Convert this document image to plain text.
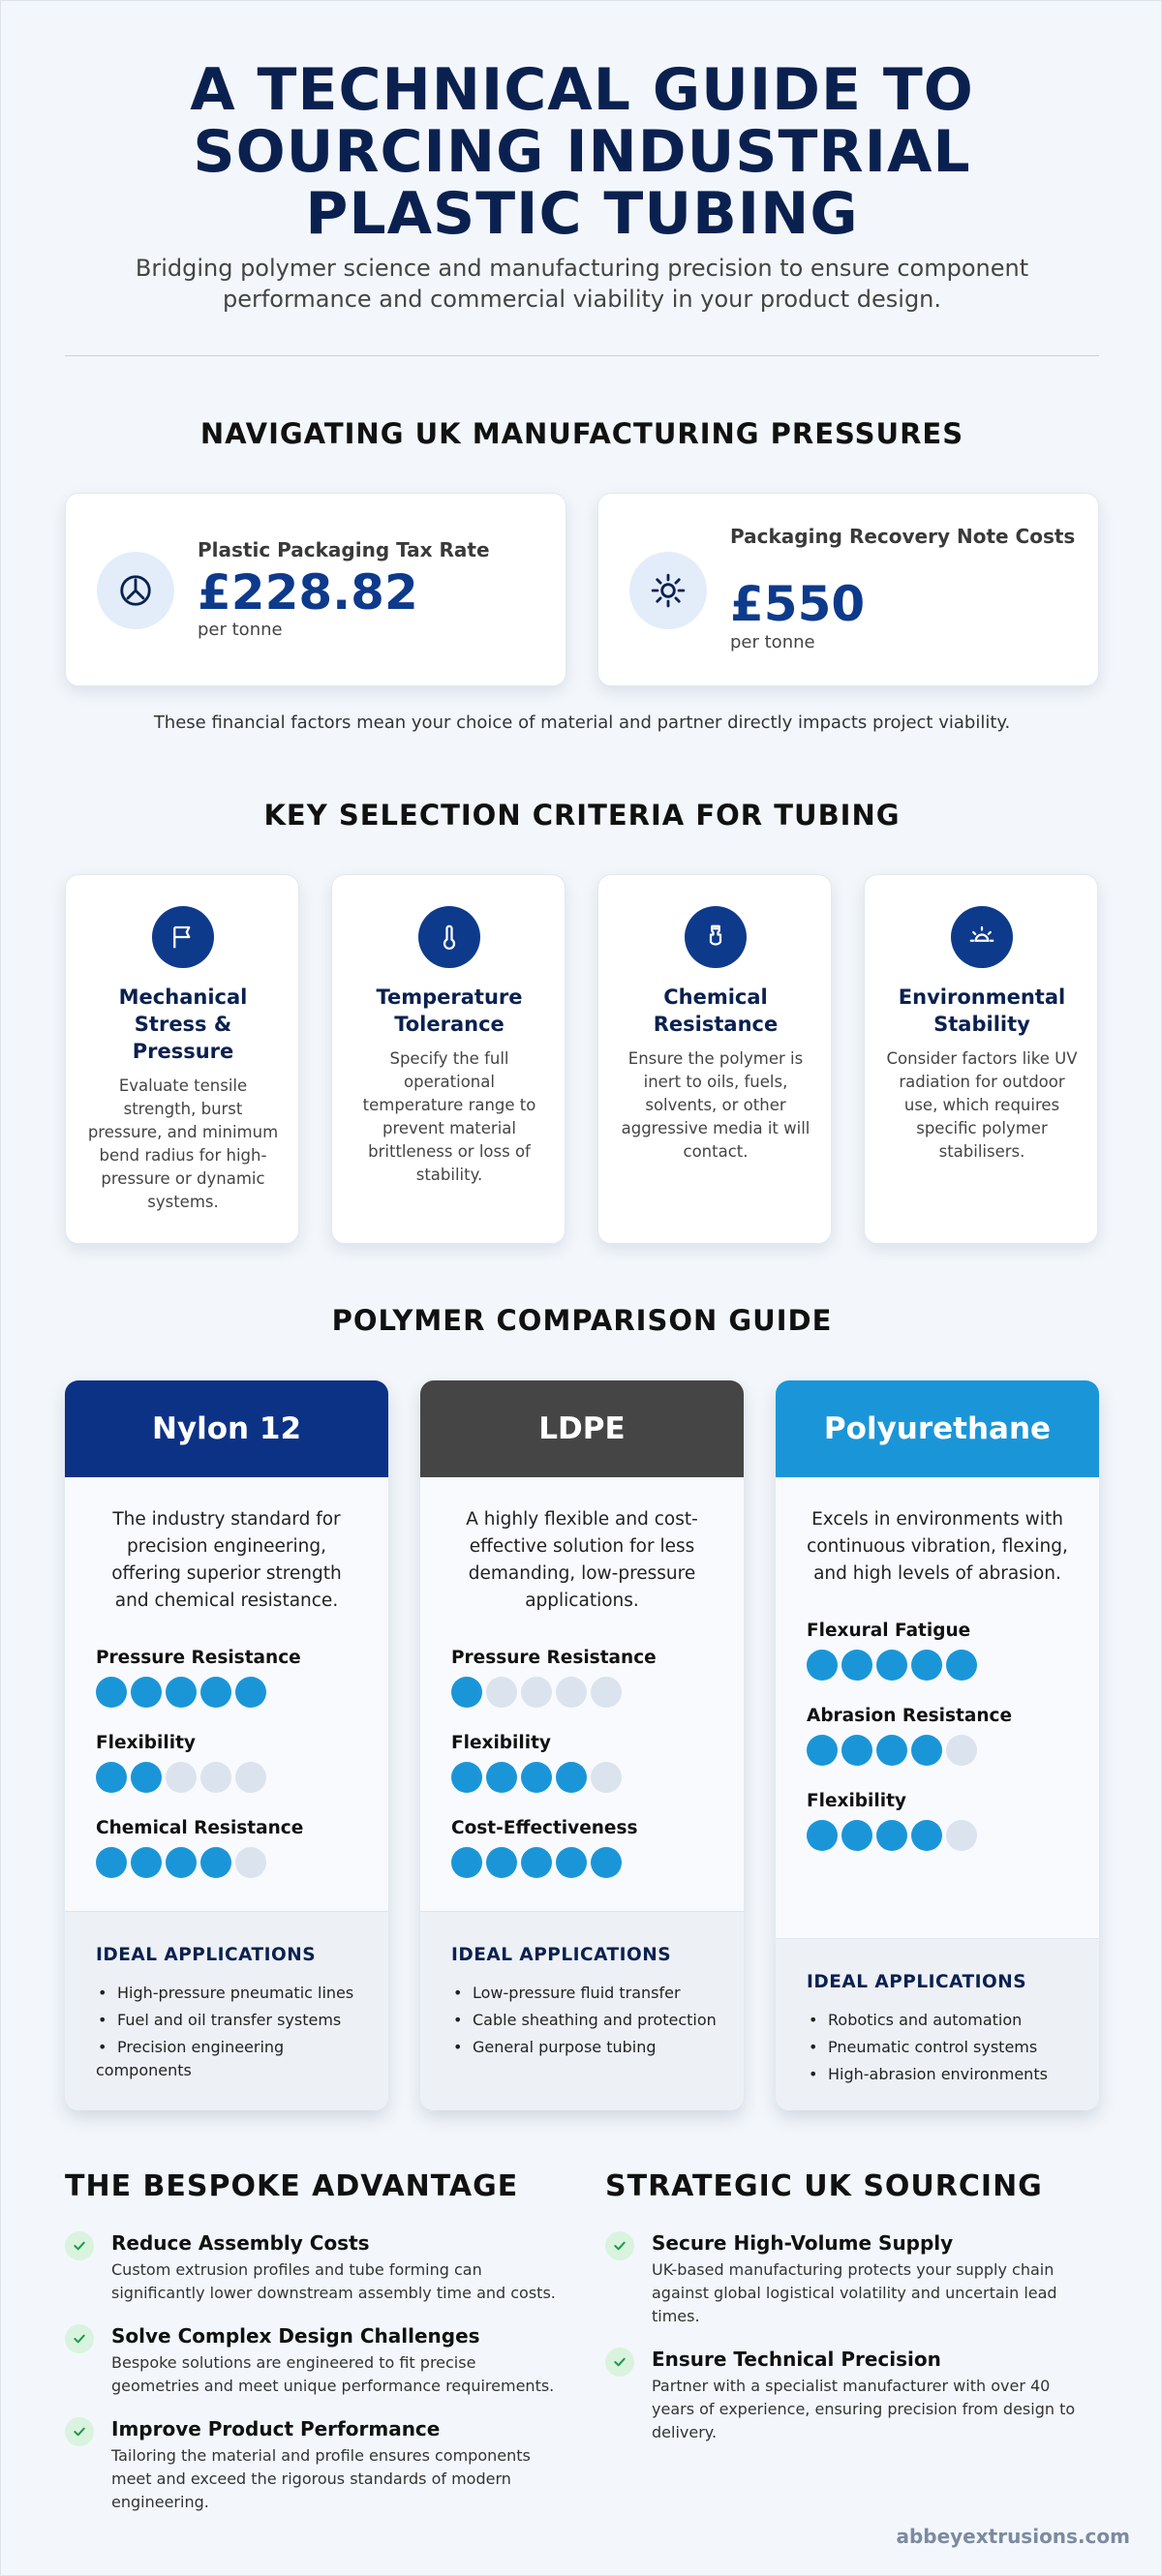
A TECHNICAL GUIDE TO
SOURCING INDUSTRIAL
PLASTIC TUBING
Bridging polymer science and manufacturing precision to ensure component performance and commercial viability in your product design.
NAVIGATING UK MANUFACTURING PRESSURES
Plastic Packaging Tax Rate
£228.82
per tonne
Packaging Recovery Note Costs
£550
per tonne
These financial factors mean your choice of material and partner directly impacts project viability.
KEY SELECTION CRITERIA FOR TUBING
Mechanical Stress & Pressure
Evaluate tensile strength, burst pressure, and minimum bend radius for high-pressure or dynamic systems.
Temperature Tolerance
Specify the full operational temperature range to prevent material brittleness or loss of stability.
Chemical Resistance
Ensure the polymer is inert to oils, fuels, solvents, or other aggressive media it will contact.
Environmental Stability
Consider factors like UV radiation for outdoor use, which requires specific polymer stabilisers.
POLYMER COMPARISON GUIDE
Nylon 12
The industry standard for precision engineering, offering superior strength and chemical resistance.
Pressure Resistance
Flexibility
Chemical Resistance
IDEAL APPLICATIONS
• High-pressure pneumatic lines
• Fuel and oil transfer systems
• Precision engineering components
LDPE
A highly flexible and cost-effective solution for less demanding, low-pressure applications.
Pressure Resistance
Flexibility
Cost-Effectiveness
IDEAL APPLICATIONS
• Low-pressure fluid transfer
• Cable sheathing and protection
• General purpose tubing
Polyurethane
Excels in environments with continuous vibration, flexing, and high levels of abrasion.
Flexural Fatigue
Abrasion Resistance
Flexibility
IDEAL APPLICATIONS
• Robotics and automation
• Pneumatic control systems
• High-abrasion environments
THE BESPOKE ADVANTAGE
Reduce Assembly Costs
Custom extrusion profiles and tube forming can significantly lower downstream assembly time and costs.
Solve Complex Design Challenges
Bespoke solutions are engineered to fit precise geometries and meet unique performance requirements.
Improve Product Performance
Tailoring the material and profile ensures components meet and exceed the rigorous standards of modern engineering.
STRATEGIC UK SOURCING
Secure High-Volume Supply
UK-based manufacturing protects your supply chain against global logistical volatility and uncertain lead times.
Ensure Technical Precision
Partner with a specialist manufacturer with over 40 years of experience, ensuring precision from design to delivery.
abbeyextrusions.com
